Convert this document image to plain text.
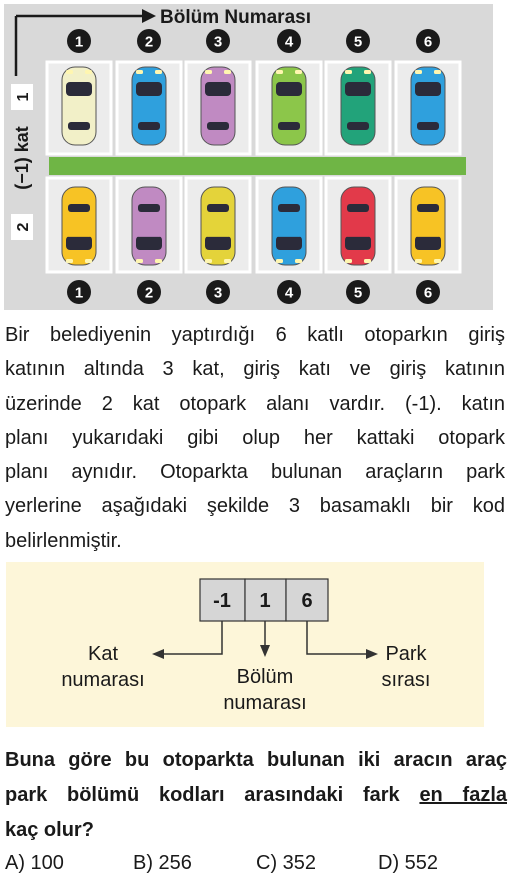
Bölüm Numarası
1
(−1) kat
2
1
1
2
2
3
3
4
4
5
5
6
6
Bir belediyenin yaptırdığı 6 katlı otoparkın giriş
katının altında 3 kat, giriş katı ve giriş katının
üzerinde 2 kat otopark alanı vardır. (-1). katın
planı yukarıdaki gibi olup her kattaki otopark
planı aynıdır. Otoparkta bulunan araçların park
yerlerine aşağıdaki şekilde 3 basamaklı bir kod
belirlenmiştir.
-1 1 6
Kat
numarası	Bölüm
numarası
Park
sırası
Buna göre bu otoparkta bulunan iki aracın araç
park bölümü kodları arasındaki fark en fazla
kaç olur?
A) 100	B) 256	C) 352	D) 552
